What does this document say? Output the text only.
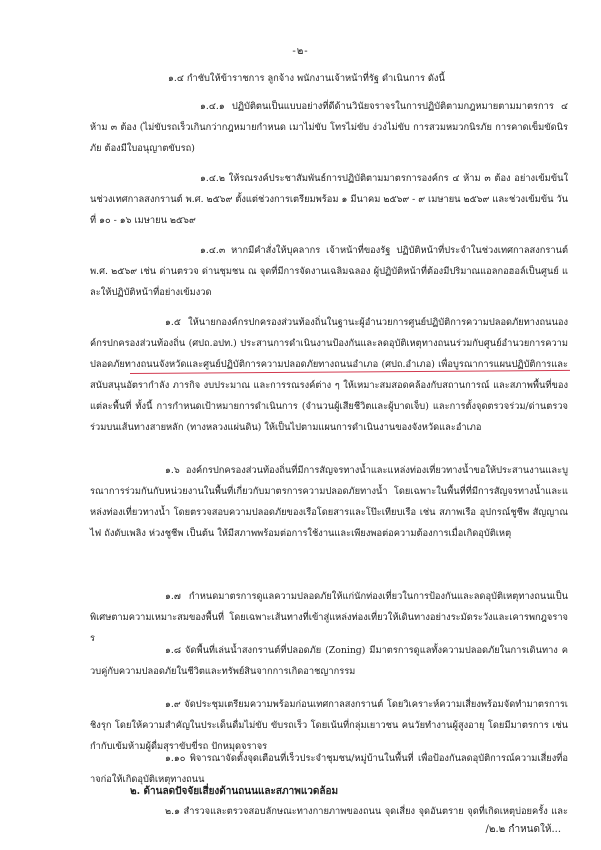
-๒-
๑.๔ กำชับให้ข้าราชการ ลูกจ้าง พนักงานเจ้าหน้าที่รัฐ ดำเนินการ ดังนี้
๑.๔.๑ ปฏิบัติตนเป็นแบบอย่างที่ดีด้านวินัยจราจรในการปฏิบัติตามกฎหมายตามมาตรการ ๔ ห้าม ๓ ต้อง (ไม่ขับรถเร็วเกินกว่ากฎหมายกำหนด เมาไม่ขับ โทรไม่ขับ ง่วงไม่ขับ การสวมหมวกนิรภัย การคาดเข็มขัดนิรภัย ต้องมีใบอนุญาตขับรถ)
๑.๔.๒ ให้รณรงค์ประชาสัมพันธ์การปฏิบัติตามมาตรการองค์กร ๔ ห้าม ๓ ต้อง อย่างเข้มข้นในช่วงเทศกาลสงกรานต์ พ.ศ. ๒๕๖๙ ตั้งแต่ช่วงการเตรียมพร้อม ๑ มีนาคม ๒๕๖๙ - ๙ เมษายน ๒๕๖๙ และช่วงเข้มข้น วันที่ ๑๐ - ๑๖ เมษายน ๒๕๖๙
๑.๔.๓ หากมีคำสั่งให้บุคลากร เจ้าหน้าที่ของรัฐ ปฏิบัติหน้าที่ประจำในช่วงเทศกาลสงกรานต์ พ.ศ. ๒๕๖๙ เช่น ด่านตรวจ ด่านชุมชน ณ จุดที่มีการจัดงานเฉลิมฉลอง ผู้ปฏิบัติหน้าที่ต้องมีปริมาณแอลกอฮอล์เป็นศูนย์ และให้ปฏิบัติหน้าที่อย่างเข้มงวด
๑.๕ ให้นายกองค์กรปกครองส่วนท้องถิ่นในฐานะผู้อำนวยการศูนย์ปฏิบัติการความปลอดภัยทางถนนองค์กรปกครองส่วนท้องถิ่น (ศปถ.อปท.) ประสานการดำเนินงานป้องกันและลดอุบัติเหตุทางถนนร่วมกับศูนย์อำนวยการความปลอดภัยทางถนนจังหวัดและศูนย์ปฏิบัติการความปลอดภัยทางถนนอำเภอ (ศปถ.อำเภอ) เพื่อบูรณาการแผนปฏิบัติการและสนับสนุนอัตรากำลัง ภารกิจ งบประมาณ และการรณรงค์ต่าง ๆ ให้เหมาะสมสอดคล้องกับสถานการณ์ และสภาพพื้นที่ของแต่ละพื้นที่ ทั้งนี้ การกำหนดเป้าหมายการดำเนินการ (จำนวนผู้เสียชีวิตและผู้บาดเจ็บ) และการตั้งจุดตรวจร่วม/ด่านตรวจร่วมบนเส้นทางสายหลัก (ทางหลวงแผ่นดิน) ให้เป็นไปตามแผนการดำเนินงานของจังหวัดและอำเภอ
๑.๖ องค์กรปกครองส่วนท้องถิ่นที่มีการสัญจรทางน้ำและแหล่งท่องเที่ยวทางน้ำขอให้ประสานงานและบูรณาการร่วมกันกับหน่วยงานในพื้นที่เกี่ยวกับมาตรการความปลอดภัยทางน้ำ โดยเฉพาะในพื้นที่ที่มีการสัญจรทางน้ำและแหล่งท่องเที่ยวทางน้ำ โดยตรวจสอบความปลอดภัยของเรือโดยสารและโป๊ะเทียบเรือ เช่น สภาพเรือ อุปกรณ์ชูชีพ สัญญาณไฟ ถังดับเพลิง ห่วงชูชีพ เป็นต้น ให้มีสภาพพร้อมต่อการใช้งานและเพียงพอต่อความต้องการเมื่อเกิดอุบัติเหตุ
๑.๗ กำหนดมาตรการดูแลความปลอดภัยให้แก่นักท่องเที่ยวในการป้องกันและลดอุบัติเหตุทางถนนเป็นพิเศษตามความเหมาะสมของพื้นที่ โดยเฉพาะเส้นทางที่เข้าสู่แหล่งท่องเที่ยวให้เดินทางอย่างระมัดระวังและเคารพกฎจราจร
๑.๘ จัดพื้นที่เล่นน้ำสงกรานต์ที่ปลอดภัย (Zoning) มีมาตรการดูแลทั้งความปลอดภัยในการเดินทาง ควบคู่กับความปลอดภัยในชีวิตและทรัพย์สินจากการเกิดอาชญากรรม
๑.๙ จัดประชุมเตรียมความพร้อมก่อนเทศกาลสงกรานต์ โดยวิเคราะห์ความเสี่ยงพร้อมจัดทำมาตรการเชิงรุก โดยให้ความสำคัญในประเด็นดื่มไม่ขับ ขับรถเร็ว โดยเน้นที่กลุ่มเยาวชน คนวัยทำงานผู้สูงอายุ โดยมีมาตรการ เช่น กำกับเข้มห้ามผู้ดื่มสุราขับขี่รถ ปักหมุดจราจร
๑.๑๐ พิจารณาจัดตั้งจุดเตือนที่เร็วประจำชุมชน/หมู่บ้านในพื้นที่ เพื่อป้องกันลดอุบัติการณ์ความเสี่ยงที่อาจก่อให้เกิดอุบัติเหตุทางถนน
๒. ด้านลดปัจจัยเสี่ยงด้านถนนและสภาพแวดล้อม
๒.๑ สำรวจและตรวจสอบลักษณะทางกายภาพของถนน จุดเสี่ยง จุดอันตราย จุดที่เกิดเหตุบ่อยครั้ง และ
/๒.๒ กำหนดให้...
